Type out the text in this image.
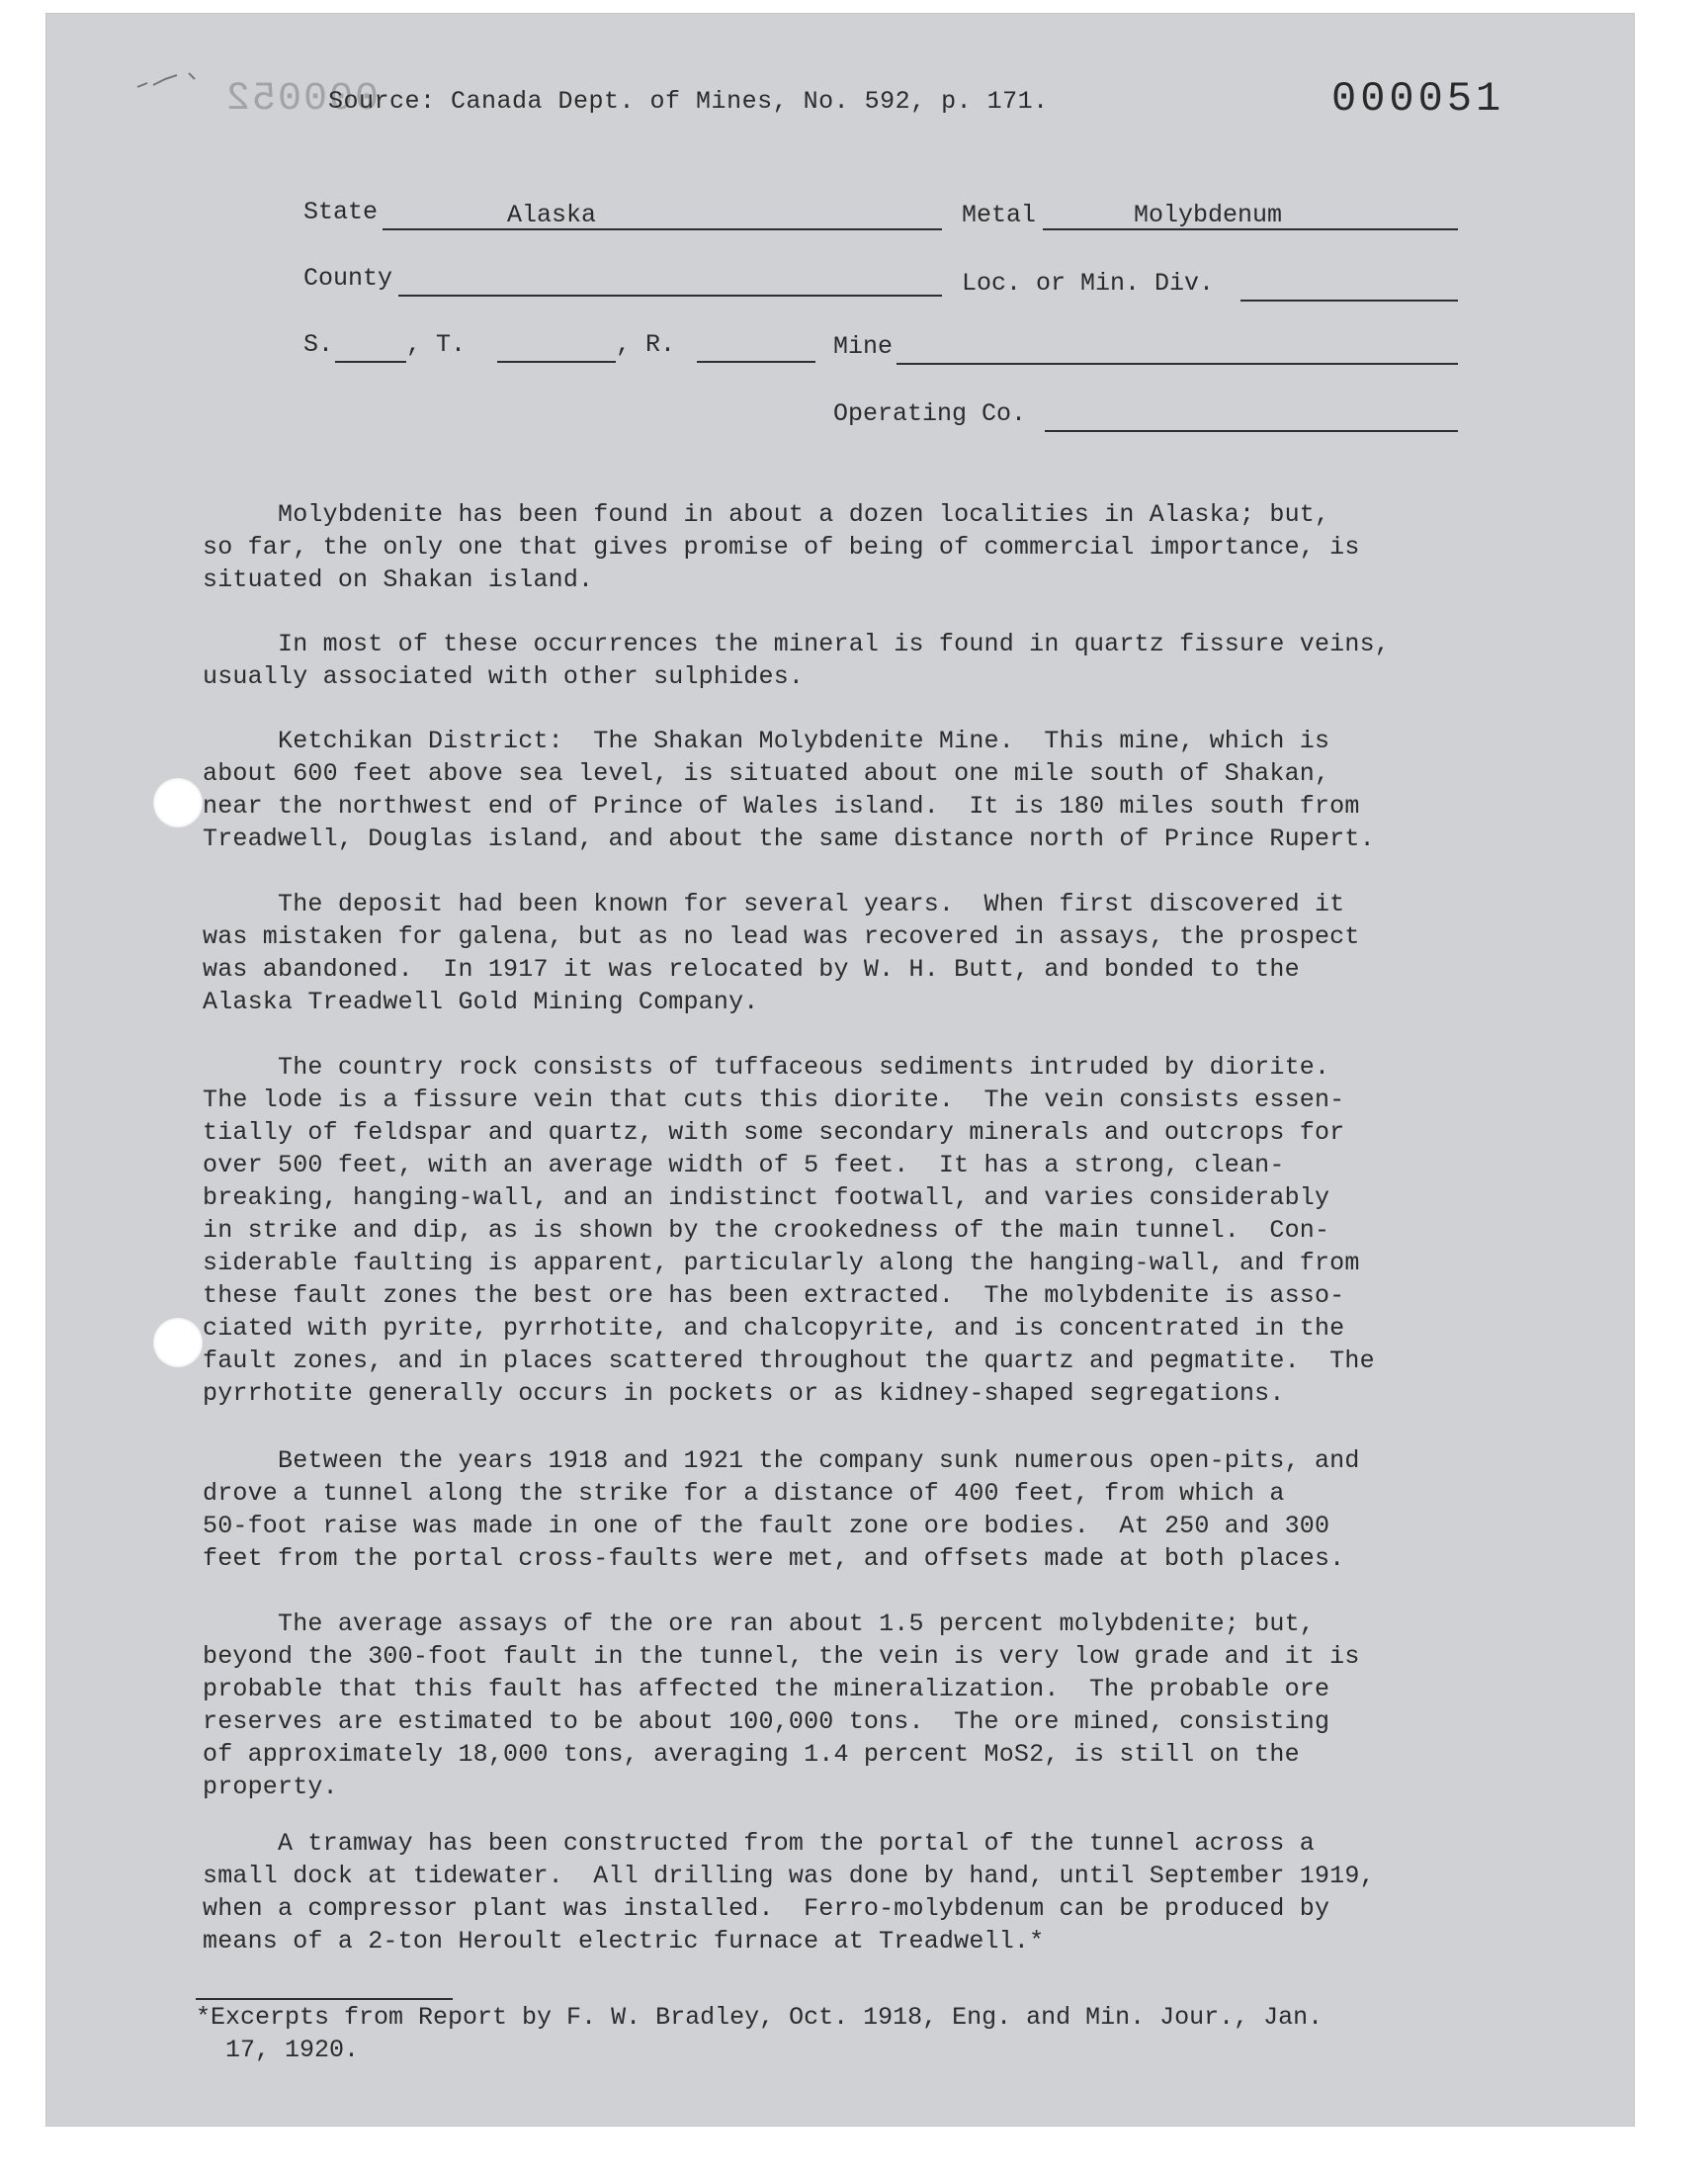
000052
Source: Canada Dept. of Mines, No. 592, p. 171.	000051
State	Alaska	Metal	Molybdenum
County	Loc. or Min. Div.
S.	, T.	, R.	Mine
Operating Co.
Molybdenite has been found in about a dozen localities in Alaska; but,
so far, the only one that gives promise of being of commercial importance, is
situated on Shakan island.
In most of these occurrences the mineral is found in quartz fissure veins,
usually associated with other sulphides.
Ketchikan District:  The Shakan Molybdenite Mine.  This mine, which is
about 600 feet above sea level, is situated about one mile south of Shakan,
near the northwest end of Prince of Wales island.  It is 180 miles south from
Treadwell, Douglas island, and about the same distance north of Prince Rupert.
The deposit had been known for several years.  When first discovered it
was mistaken for galena, but as no lead was recovered in assays, the prospect
was abandoned.  In 1917 it was relocated by W. H. Butt, and bonded to the
Alaska Treadwell Gold Mining Company.
The country rock consists of tuffaceous sediments intruded by diorite.
The lode is a fissure vein that cuts this diorite.  The vein consists essen-
tially of feldspar and quartz, with some secondary minerals and outcrops for
over 500 feet, with an average width of 5 feet.  It has a strong, clean-
breaking, hanging-wall, and an indistinct footwall, and varies considerably
in strike and dip, as is shown by the crookedness of the main tunnel.  Con-
siderable faulting is apparent, particularly along the hanging-wall, and from
these fault zones the best ore has been extracted.  The molybdenite is asso-
ciated with pyrite, pyrrhotite, and chalcopyrite, and is concentrated in the
fault zones, and in places scattered throughout the quartz and pegmatite.  The
pyrrhotite generally occurs in pockets or as kidney-shaped segregations.
Between the years 1918 and 1921 the company sunk numerous open-pits, and
drove a tunnel along the strike for a distance of 400 feet, from which a
50-foot raise was made in one of the fault zone ore bodies.  At 250 and 300
feet from the portal cross-faults were met, and offsets made at both places.
The average assays of the ore ran about 1.5 percent molybdenite; but,
beyond the 300-foot fault in the tunnel, the vein is very low grade and it is
probable that this fault has affected the mineralization.  The probable ore
reserves are estimated to be about 100,000 tons.  The ore mined, consisting
of approximately 18,000 tons, averaging 1.4 percent MoS2, is still on the
property.
A tramway has been constructed from the portal of the tunnel across a
small dock at tidewater.  All drilling was done by hand, until September 1919,
when a compressor plant was installed.  Ferro-molybdenum can be produced by
means of a 2-ton Heroult electric furnace at Treadwell.*
*Excerpts from Report by F. W. Bradley, Oct. 1918, Eng. and Min. Jour., Jan.
17, 1920.
